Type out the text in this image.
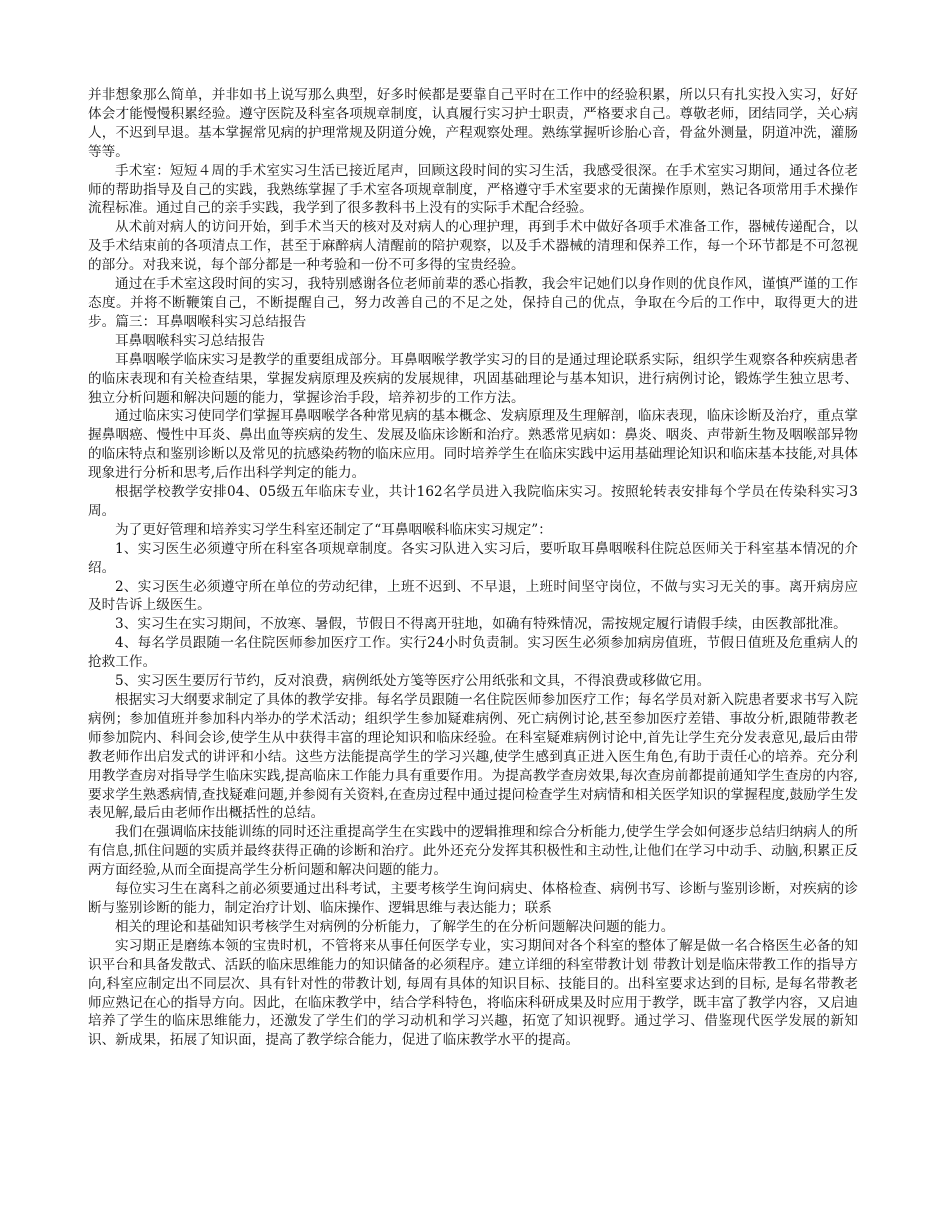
并非想象那么简单，并非如书上说写那么典型，好多时候都是要靠自己平时在工作中的经验积累，所以只有扎实投入实习，好好体会才能慢慢积累经验。遵守医院及科室各项规章制度，认真履行实习护士职责，严格要求自己。尊敬老师，团结同学，关心病人，不迟到早退。基本掌握常见病的护理常规及阴道分娩，产程观察处理。熟练掌握听诊胎心音，骨盆外测量，阴道冲洗，灌肠等等。

手术室：短短４周的手术室实习生活已接近尾声，回顾这段时间的实习生活，我感受很深。在手术室实习期间，通过各位老师的帮助指导及自己的实践，我熟练掌握了手术室各项规章制度，严格遵守手术室要求的无菌操作原则，熟记各项常用手术操作流程标准。通过自己的亲手实践，我学到了很多教科书上没有的实际手术配合经验。

从术前对病人的访问开始，到手术当天的核对及对病人的心理护理，再到手术中做好各项手术准备工作，器械传递配合，以及手术结束前的各项清点工作，甚至于麻醉病人清醒前的陪护观察，以及手术器械的清理和保养工作，每一个环节都是不可忽视的部分。对我来说，每个部分都是一种考验和一份不可多得的宝贵经验。

通过在手术室这段时间的实习，我特别感谢各位老师前辈的悉心指教，我会牢记她们以身作则的优良作风，谨慎严谨的工作态度。并将不断鞭策自己，不断提醒自己，努力改善自己的不足之处，保持自己的优点，争取在今后的工作中，取得更大的进步。篇三：耳鼻咽喉科实习总结报告

耳鼻咽喉科实习总结报告

耳鼻咽喉学临床实习是教学的重要组成部分。耳鼻咽喉学教学实习的目的是通过理论联系实际，组织学生观察各种疾病患者的临床表现和有关检查结果，掌握发病原理及疾病的发展规律，巩固基础理论与基本知识，进行病例讨论，锻炼学生独立思考、独立分析问题和解决问题的能力，掌握诊治手段，培养初步的工作方法。

通过临床实习使同学们掌握耳鼻咽喉学各种常见病的基本概念、发病原理及生理解剖，临床表现，临床诊断及治疗，重点掌握鼻咽癌、慢性中耳炎、鼻出血等疾病的发生、发展及临床诊断和治疗。熟悉常见病如：鼻炎、咽炎、声带新生物及咽喉部异物的临床特点和鉴别诊断以及常见的抗感染药物的临床应用。同时培养学生在临床实践中运用基础理论知识和临床基本技能,对具体现象进行分析和思考,后作出科学判定的能力。

根据学校教学安排04、05级五年临床专业，共计162名学员进入我院临床实习。按照轮转表安排每个学员在传染科实习3周。

为了更好管理和培养实习学生科室还制定了“耳鼻咽喉科临床实习规定”：

1、实习医生必须遵守所在科室各项规章制度。各实习队进入实习后，要听取耳鼻咽喉科住院总医师关于科室基本情况的介绍。

2、实习医生必须遵守所在单位的劳动纪律，上班不迟到、不早退，上班时间坚守岗位，不做与实习无关的事。离开病房应及时告诉上级医生。

3、实习生在实习期间，不放寒、暑假，节假日不得离开驻地，如确有特殊情况，需按规定履行请假手续，由医教部批准。

4、每名学员跟随一名住院医师参加医疗工作。实行24小时负责制。实习医生必须参加病房值班，节假日值班及危重病人的抢救工作。

5、实习医生要厉行节约，反对浪费，病例纸处方笺等医疗公用纸张和文具，不得浪费或移做它用。

根据实习大纲要求制定了具体的教学安排。每名学员跟随一名住院医师参加医疗工作；每名学员对新入院患者要求书写入院病例；参加值班并参加科内举办的学术活动；组织学生参加疑难病例、死亡病例讨论,甚至参加医疗差错、事故分析,跟随带教老师参加院内、科间会诊,使学生从中获得丰富的理论知识和临床经验。在科室疑难病例讨论中,首先让学生充分发表意见,最后由带教老师作出启发式的讲评和小结。这些方法能提高学生的学习兴趣,使学生感到真正进入医生角色,有助于责任心的培养。充分利用教学查房对指导学生临床实践,提高临床工作能力具有重要作用。为提高教学查房效果,每次查房前都提前通知学生查房的内容,要求学生熟悉病情,查找疑难问题,并参阅有关资料,在查房过程中通过提问检查学生对病情和相关医学知识的掌握程度,鼓励学生发表见解,最后由老师作出概括性的总结。

我们在强调临床技能训练的同时还注重提高学生在实践中的逻辑推理和综合分析能力,使学生学会如何逐步总结归纳病人的所有信息,抓住问题的实质并最终获得正确的诊断和治疗。此外还充分发挥其积极性和主动性,让他们在学习中动手、动脑,积累正反两方面经验,从而全面提高学生分析问题和解决问题的能力。

每位实习生在离科之前必须要通过出科考试，主要考核学生询问病史、体格检查、病例书写、诊断与鉴别诊断，对疾病的诊断与鉴别诊断的能力，制定治疗计划、临床操作、逻辑思维与表达能力；联系

相关的理论和基础知识考核学生对病例的分析能力，了解学生的在分析问题解决问题的能力。

实习期正是磨练本领的宝贵时机，不管将来从事任何医学专业，实习期间对各个科室的整体了解是做一名合格医生必备的知识平台和具备发散式、活跃的临床思维能力的知识储备的必须程序。建立详细的科室带教计划 带教计划是临床带教工作的指导方向,科室应制定出不同层次、具有针对性的带教计划, 每周有具体的知识目标、技能目的。出科室要求达到的目标, 是每名带教老师应熟记在心的指导方向。因此，在临床教学中，结合学科特色，将临床科研成果及时应用于教学，既丰富了教学内容，又启迪培养了学生的临床思维能力，还激发了学生们的学习动机和学习兴趣，拓宽了知识视野。通过学习、借鉴现代医学发展的新知识、新成果，拓展了知识面，提高了教学综合能力，促进了临床教学水平的提高。
